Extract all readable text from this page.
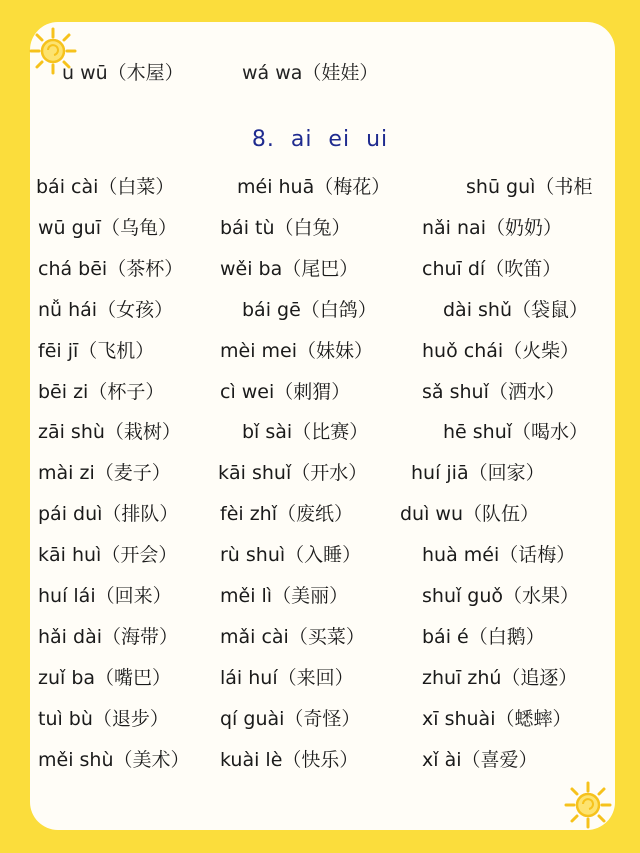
u wū（木屋）	wá wa（娃娃）
8. ai ei ui
bái cài（白菜）	méi huā（梅花）	shū guì（书柜
wū guī（乌龟） bái tù（白兔）	nǎi nai（奶奶）
chá bēi（茶杯） wěi ba（尾巴）	chuī dí（吹笛）
nǚ hái（女孩）	bái gē（白鸽）	dài shǔ（袋鼠）
fēi jī（飞机）	mèi mei（妹妹）	huǒ chái（火柴）
bēi zi（杯子）	cì wei（刺猬）	sǎ shuǐ（洒水）
zāi shù（栽树）	bǐ sài（比赛）	hē shuǐ（喝水）
mài zi（麦子） kāi shuǐ（开水） huí jiā（回家）
pái duì（排队） fèi zhǐ（废纸） duì wu（队伍）
kāi huì（开会） rù shuì（入睡）	huà méi（话梅）
huí lái（回来）	měi lì（美丽）	shuǐ guǒ（水果）
hǎi dài（海带） mǎi cài（买菜）	bái é（白鹅）
zuǐ ba（嘴巴）	lái huí（来回）	zhuī zhú（追逐）
tuì bù（退步）	qí guài（奇怪）	xī shuài（蟋蟀）
měi shù（美术） kuài lè（快乐）	xǐ ài（喜爱）
